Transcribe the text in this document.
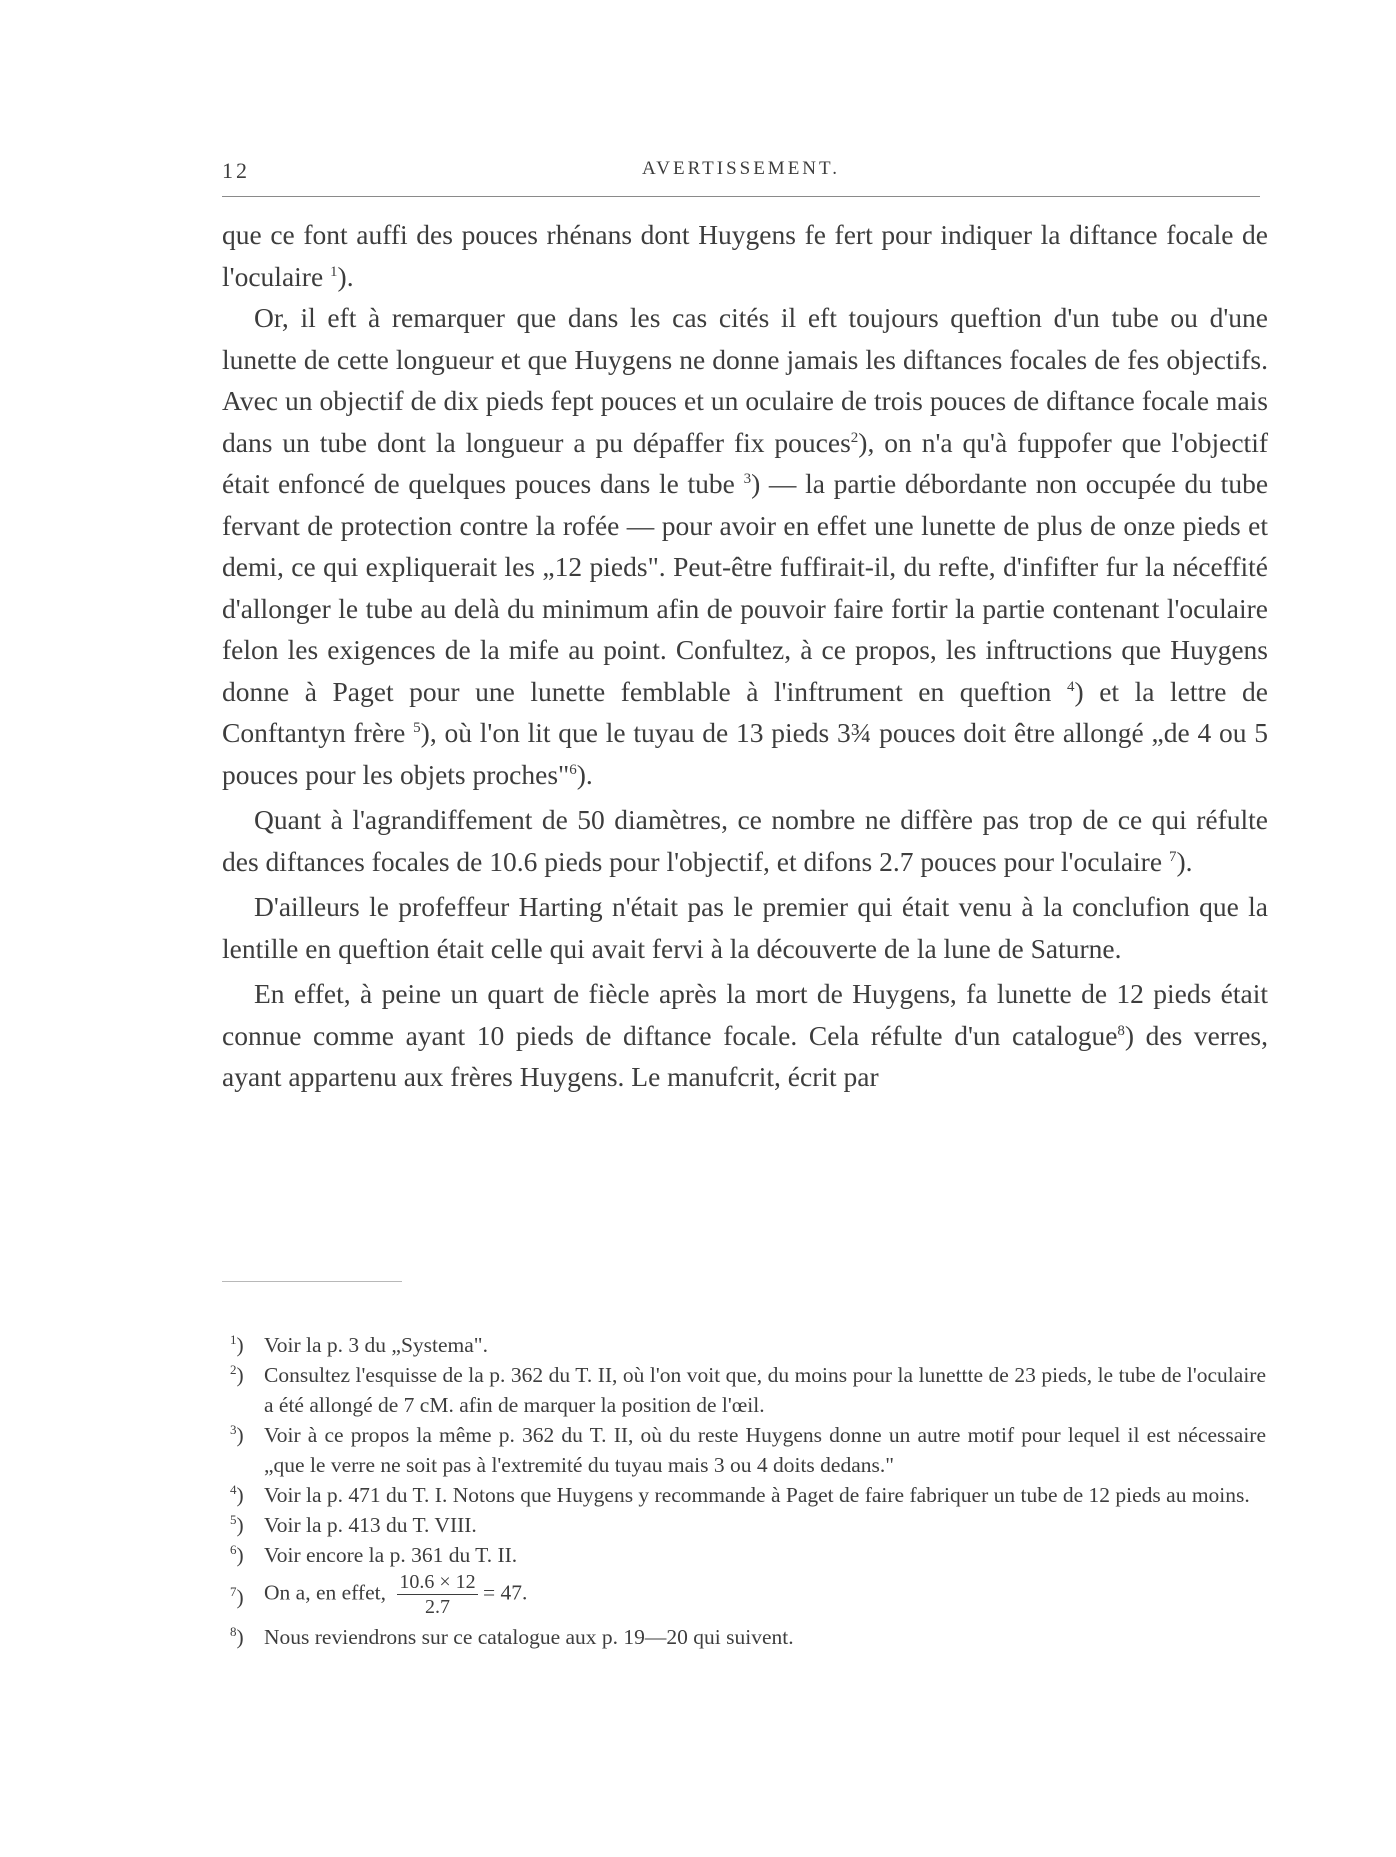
12	AVERTISSEMENT.

que ce font auffi des pouces rhénans dont Huygens fe fert pour indiquer la diftance focale de l'oculaire $^1$).

Or, il eft à remarquer que dans les cas cités il eft toujours queftion d'un tube ou d'une lunette de cette longueur et que Huygens ne donne jamais les diftances focales de fes objectifs. Avec un objectif de dix pieds fept pouces et un oculaire de trois pouces de diftance focale mais dans un tube dont la longueur a pu dépaffer fix pouces$^2$), on n'a qu'à fuppofer que l'objectif était enfoncé de quelques pouces dans le tube $^3$) — la partie débordante non occupée du tube fervant de protection contre la rofée — pour avoir en effet une lunette de plus de onze pieds et demi, ce qui expliquerait les „12 pieds". Peut-être fuffirait-il, du refte, d'infifter fur la néceffité d'allonger le tube au delà du minimum afin de pouvoir faire fortir la partie contenant l'oculaire felon les exigences de la mife au point. Confultez, à ce propos, les inftructions que Huygens donne à Paget pour une lunette femblable à l'inftrument en queftion $^4$) et la lettre de Conftantyn frère $^5$), où l'on lit que le tuyau de 13 pieds 3¾ pouces doit être allongé „de 4 ou 5 pouces pour les objets proches"$^6$).

Quant à l'agrandiffement de 50 diamètres, ce nombre ne diffère pas trop de ce qui réfulte des diftances focales de 10.6 pieds pour l'objectif, et difons 2.7 pouces pour l'oculaire $^7$).

D'ailleurs le profeffeur Harting n'était pas le premier qui était venu à la conclufion que la lentille en queftion était celle qui avait fervi à la découverte de la lune de Saturne.

En effet, à peine un quart de fiècle après la mort de Huygens, fa lunette de 12 pieds était connue comme ayant 10 pieds de diftance focale. Cela réfulte d'un catalogue$^8$) des verres, ayant appartenu aux frères Huygens. Le manufcrit, écrit par

$^1$) Voir la p. 3 du „Systema".
$^2$) Consultez l'esquisse de la p. 362 du T. II, où l'on voit que, du moins pour la lunettte de 23 pieds, le tube de l'oculaire a été allongé de 7 cM. afin de marquer la position de l'œil.
$^3$) Voir à ce propos la même p. 362 du T. II, où du reste Huygens donne un autre motif pour lequel il est nécessaire „que le verre ne soit pas à l'extremité du tuyau mais 3 ou 4 doits dedans."
$^4$) Voir la p. 471 du T. I. Notons que Huygens y recommande à Paget de faire fabriquer un tube de 12 pieds au moins.
$^5$) Voir la p. 413 du T. VIII.
$^6$) Voir encore la p. 361 du T. II.
$^7$) On a, en effet, $\frac{10.6 \times 12}{2.7} = 47$.
$^8$) Nous reviendrons sur ce catalogue aux p. 19—20 qui suivent.
